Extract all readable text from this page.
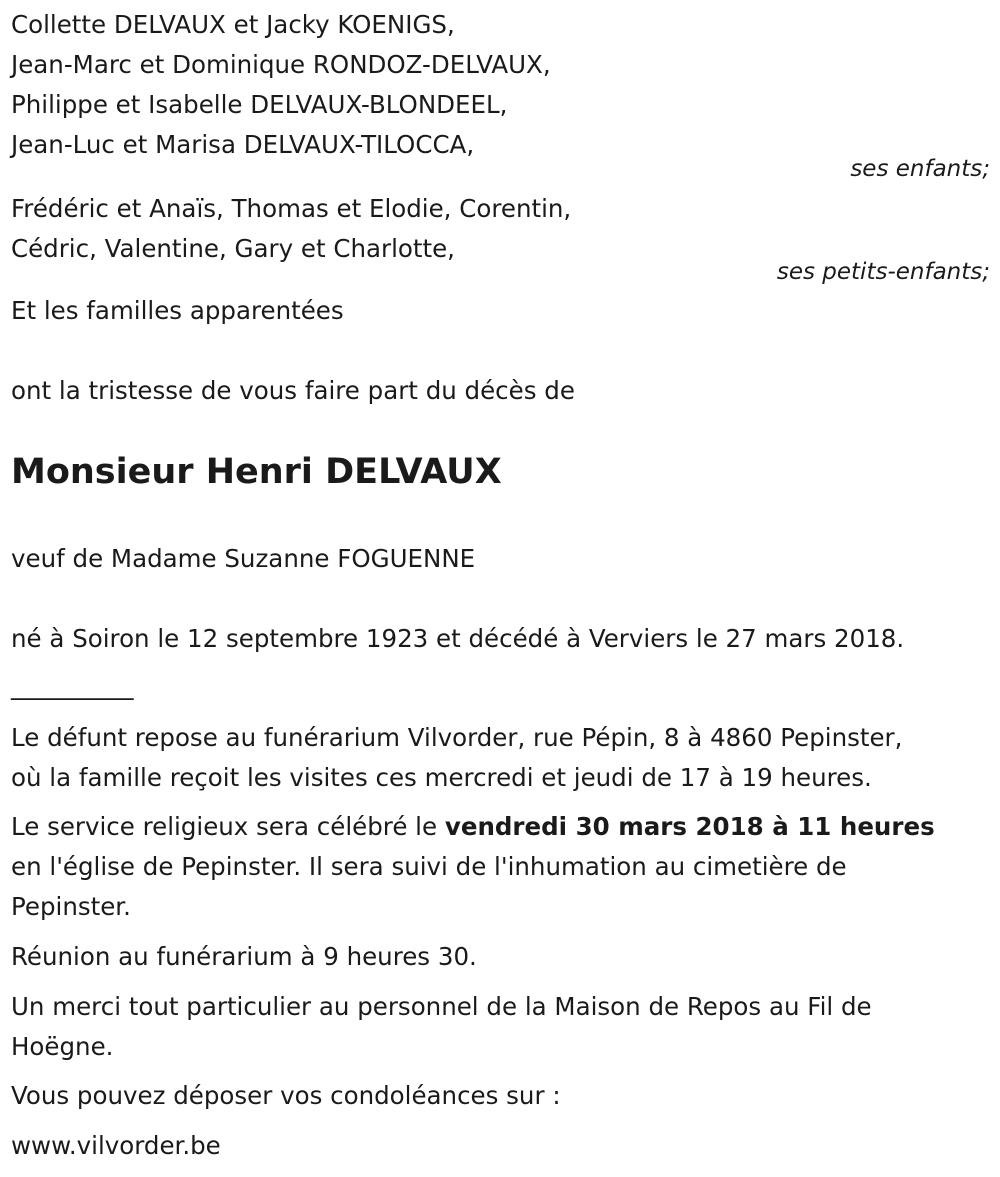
Collette DELVAUX et Jacky KOENIGS,
Jean-Marc et Dominique RONDOZ-DELVAUX,
Philippe et Isabelle DELVAUX-BLONDEEL,
Jean-Luc et Marisa DELVAUX-TILOCCA,
ses enfants;
Frédéric et Anaïs, Thomas et Elodie, Corentin,
Cédric, Valentine, Gary et Charlotte,
ses petits-enfants;
Et les familles apparentées
ont la tristesse de vous faire part du décès de
Monsieur Henri DELVAUX
veuf de Madame Suzanne FOGUENNE
né à Soiron le 12 septembre 1923 et décédé à Verviers le 27 mars 2018.
__________
Le défunt repose au funérarium Vilvorder, rue Pépin, 8 à 4860 Pepinster,
où la famille reçoit les visites ces mercredi et jeudi de 17 à 19 heures.
Le service religieux sera célébré le vendredi 30 mars 2018 à 11 heures
en l'église de Pepinster. Il sera suivi de l'inhumation au cimetière de
Pepinster.
Réunion au funérarium à 9 heures 30.
Un merci tout particulier au personnel de la Maison de Repos au Fil de
Hoëgne.
Vous pouvez déposer vos condoléances sur :
www.vilvorder.be
